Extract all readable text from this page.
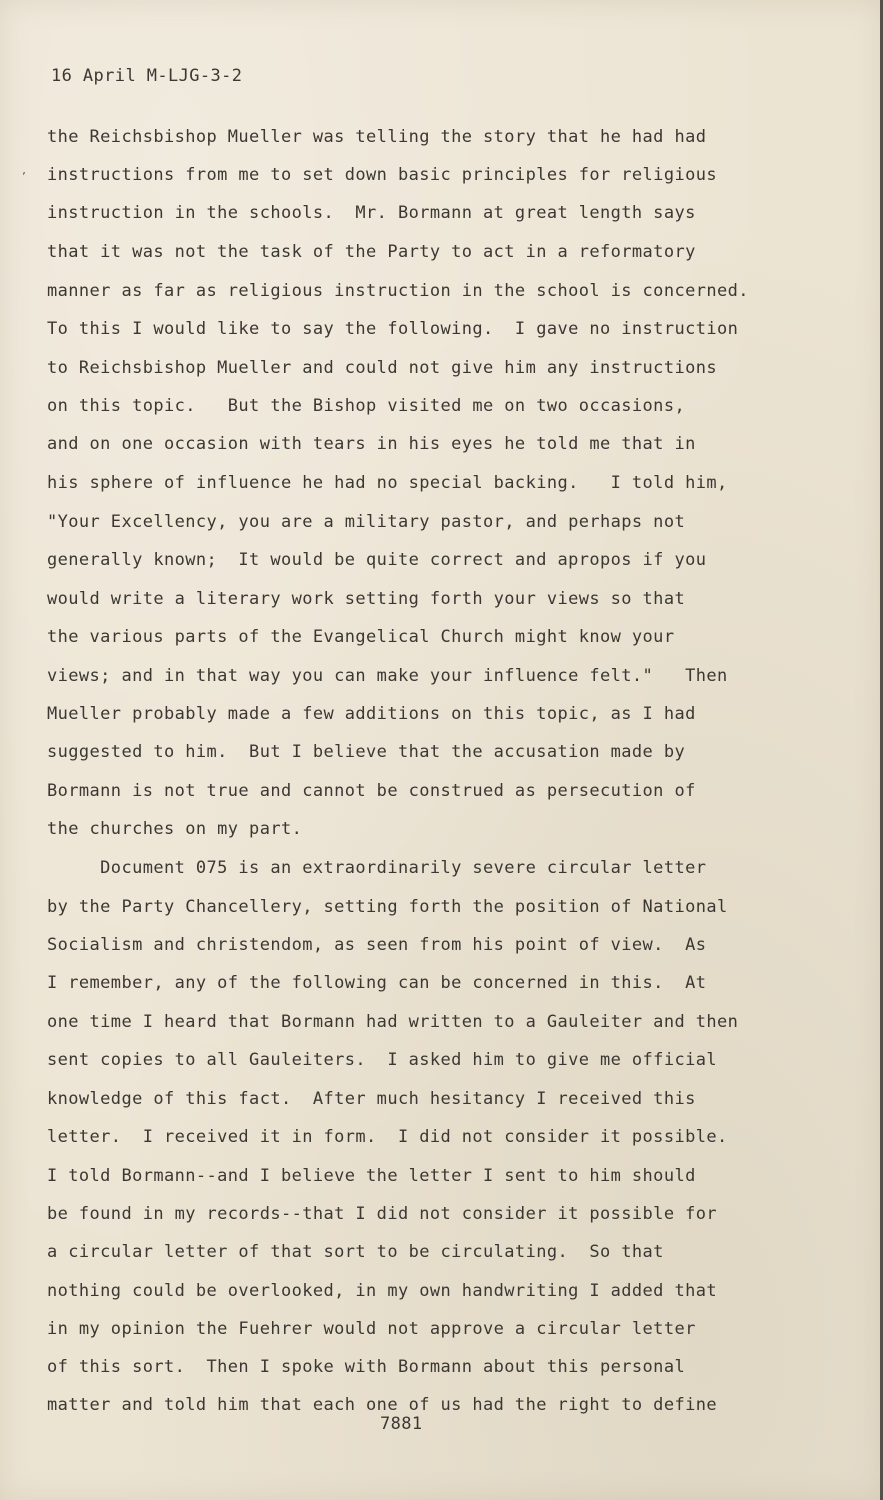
16 April M-LJG-3-2
’
the Reichsbishop Mueller was telling the story that he had had
instructions from me to set down basic principles for religious
instruction in the schools.  Mr. Bormann at great length says
that it was not the task of the Party to act in a reformatory
manner as far as religious instruction in the school is concerned.
To this I would like to say the following.  I gave no instruction
to Reichsbishop Mueller and could not give him any instructions
on this topic.   But the Bishop visited me on two occasions,
and on one occasion with tears in his eyes he told me that in
his sphere of influence he had no special backing.   I told him,
"Your Excellency, you are a military pastor, and perhaps not
generally known;  It would be quite correct and apropos if you
would write a literary work setting forth your views so that
the various parts of the Evangelical Church might know your
views; and in that way you can make your influence felt."   Then
Mueller probably made a few additions on this topic, as I had
suggested to him.  But I believe that the accusation made by
Bormann is not true and cannot be construed as persecution of
the churches on my part.
Document 075 is an extraordinarily severe circular letter
by the Party Chancellery, setting forth the position of National
Socialism and christendom, as seen from his point of view.  As
I remember, any of the following can be concerned in this.  At
one time I heard that Bormann had written to a Gauleiter and then
sent copies to all Gauleiters.  I asked him to give me official
knowledge of this fact.  After much hesitancy I received this
letter.  I received it in form.  I did not consider it possible.
I told Bormann--and I believe the letter I sent to him should
be found in my records--that I did not consider it possible for
a circular letter of that sort to be circulating.  So that
nothing could be overlooked, in my own handwriting I added that
in my opinion the Fuehrer would not approve a circular letter
of this sort.  Then I spoke with Bormann about this personal
matter and told him that each one of us had the right to define
7881
